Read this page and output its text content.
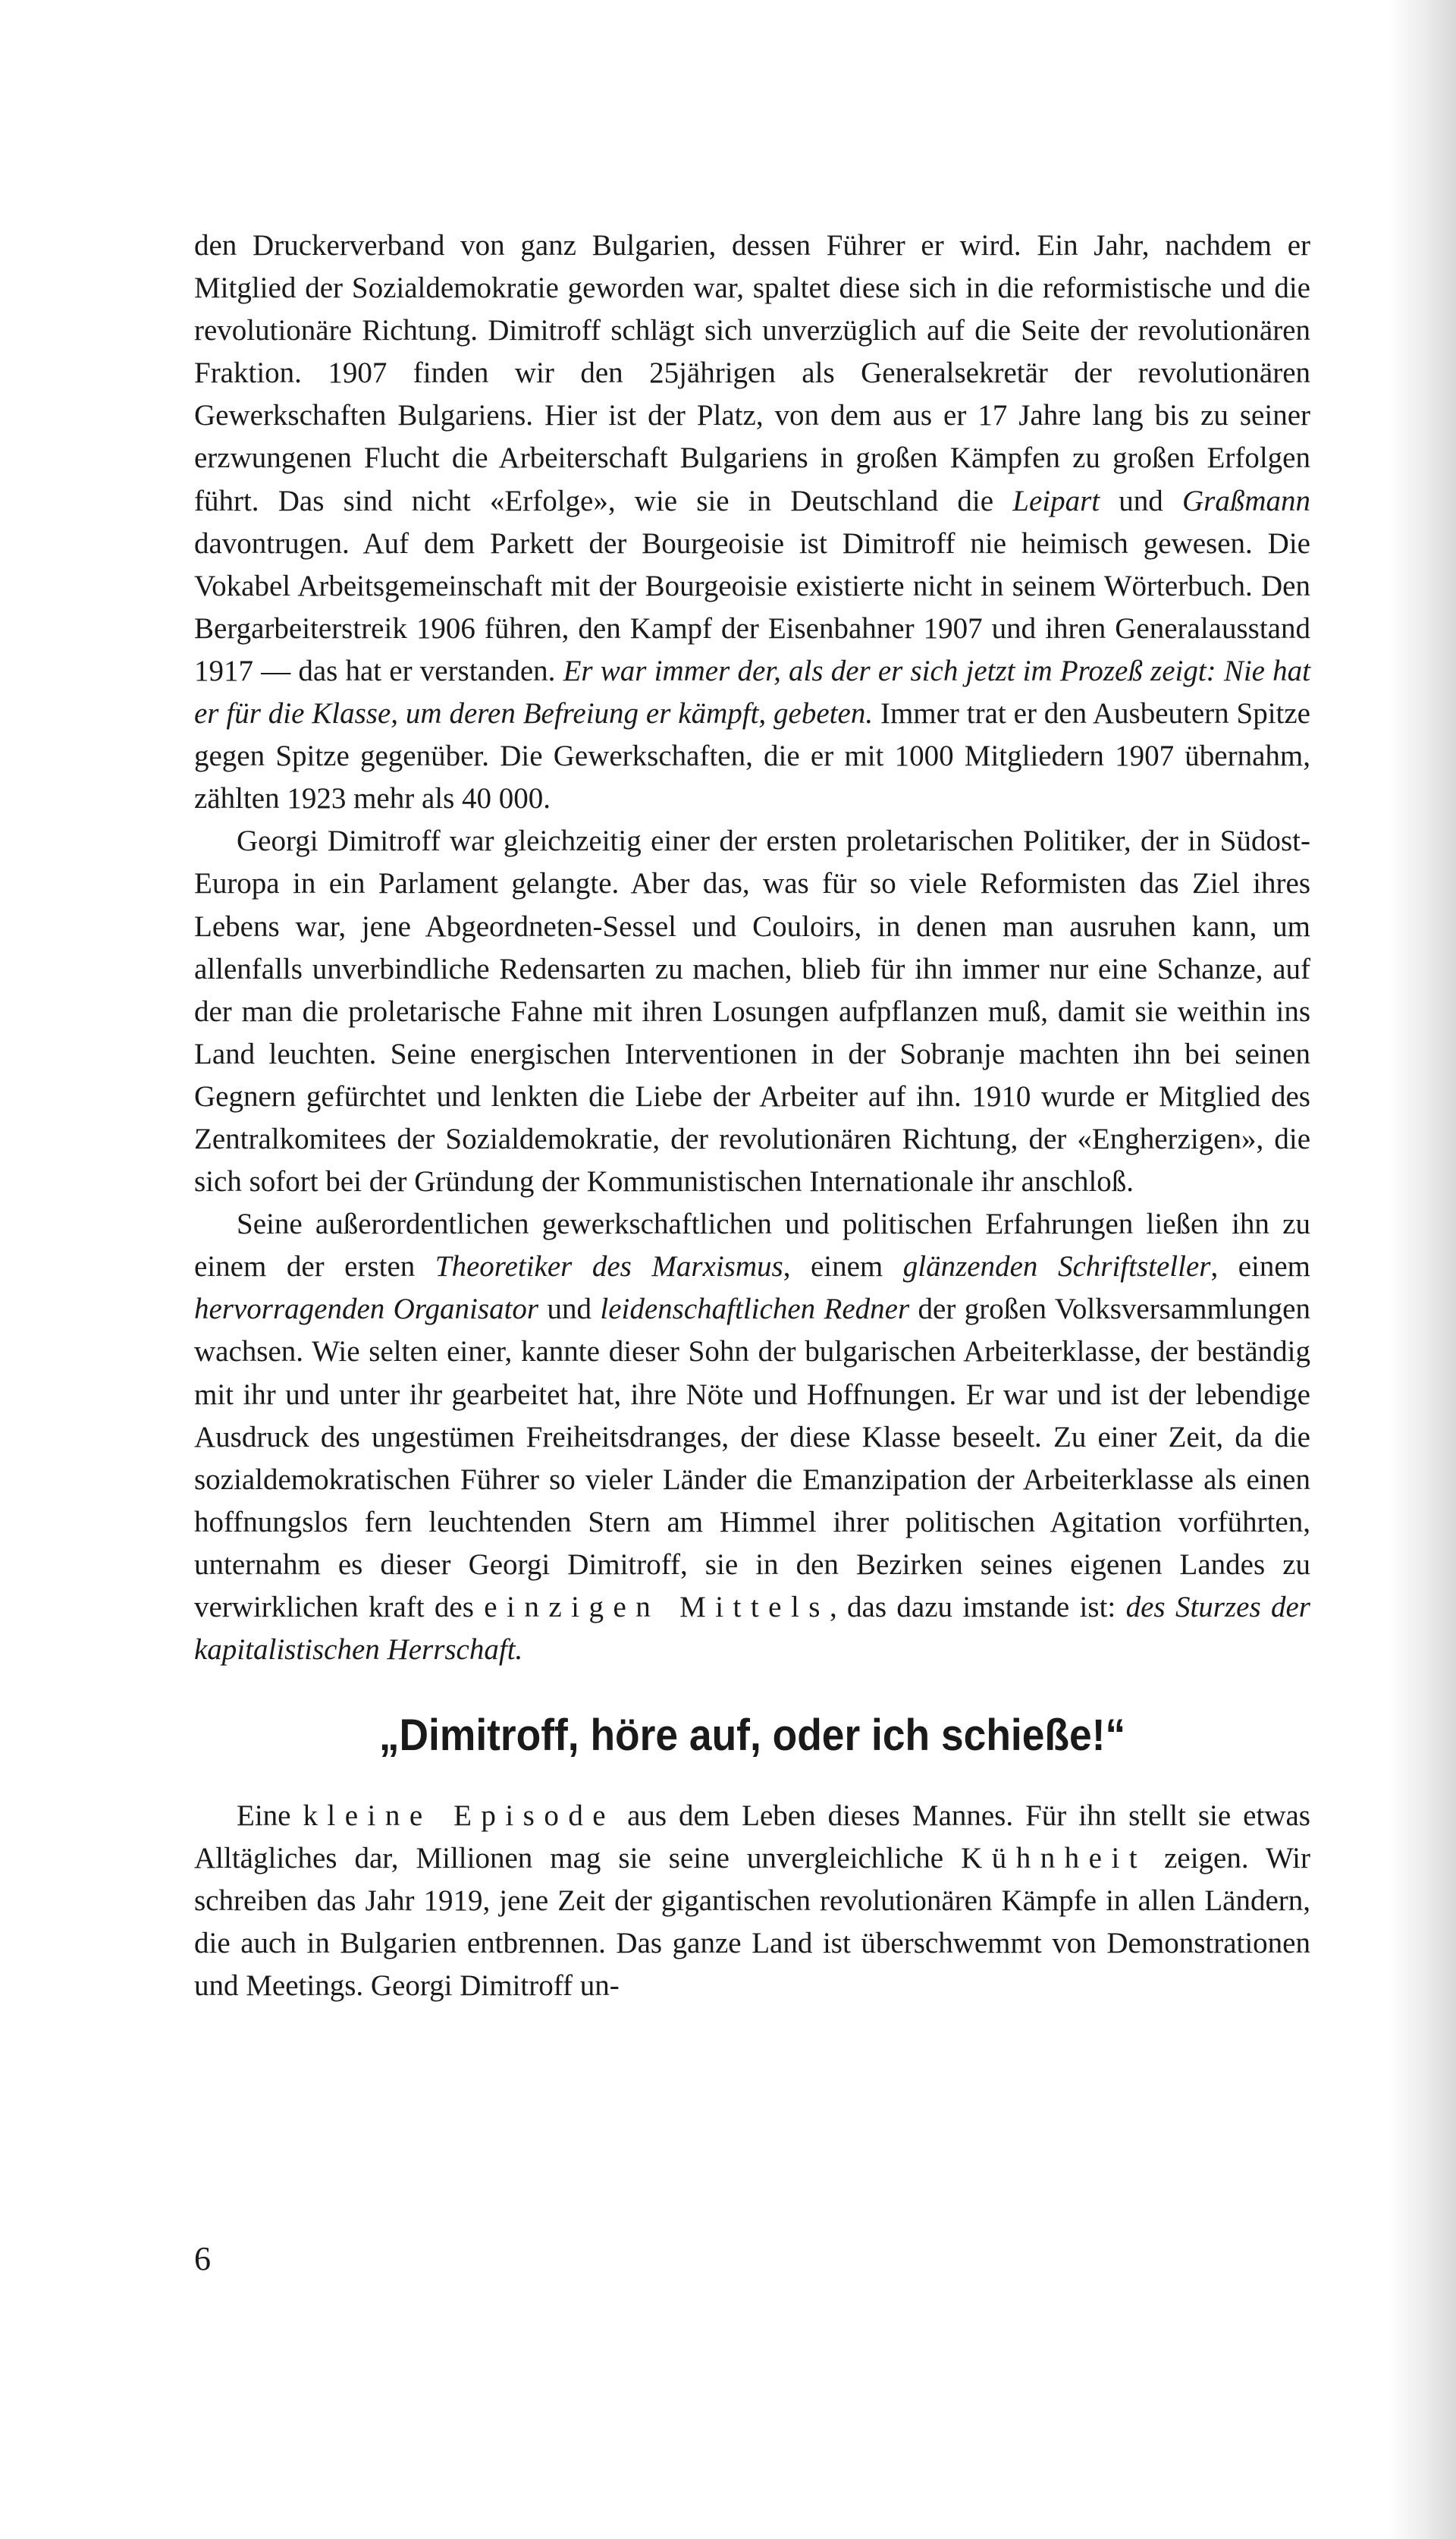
den Druckerverband von ganz Bulgarien, dessen Führer er wird. Ein Jahr, nachdem er Mitglied der Sozialdemokratie geworden war, spaltet diese sich in die reformistische und die revolutionäre Richtung. Dimitroff schlägt sich unverzüglich auf die Seite der revolutionären Fraktion. 1907 finden wir den 25jährigen als Generalsekretär der revolutionären Gewerkschaften Bulgariens. Hier ist der Platz, von dem aus er 17 Jahre lang bis zu seiner erzwungenen Flucht die Arbeiterschaft Bulgariens in großen Kämpfen zu großen Erfolgen führt. Das sind nicht «Erfolge», wie sie in Deutschland die Leipart und Graßmann davontrugen. Auf dem Parkett der Bourgeoisie ist Dimitroff nie heimisch gewesen. Die Vokabel Arbeitsgemeinschaft mit der Bourgeoisie existierte nicht in seinem Wörterbuch. Den Bergarbeiterstreik 1906 führen, den Kampf der Eisenbahner 1907 und ihren Generalausstand 1917 — das hat er verstanden. Er war immer der, als der er sich jetzt im Prozeß zeigt: Nie hat er für die Klasse, um deren Befreiung er kämpft, gebeten. Immer trat er den Ausbeutern Spitze gegen Spitze gegenüber. Die Gewerkschaften, die er mit 1000 Mitgliedern 1907 übernahm, zählten 1923 mehr als 40 000.

Georgi Dimitroff war gleichzeitig einer der ersten proletarischen Politiker, der in Südost-Europa in ein Parlament gelangte. Aber das, was für so viele Reformisten das Ziel ihres Lebens war, jene Abgeordneten-Sessel und Couloirs, in denen man ausruhen kann, um allenfalls unverbindliche Redensarten zu machen, blieb für ihn immer nur eine Schanze, auf der man die proletarische Fahne mit ihren Losungen aufpflanzen muß, damit sie weithin ins Land leuchten. Seine energischen Interventionen in der Sobranje machten ihn bei seinen Gegnern gefürchtet und lenkten die Liebe der Arbeiter auf ihn. 1910 wurde er Mitglied des Zentralkomitees der Sozialdemokratie, der revolutionären Richtung, der «Engherzigen», die sich sofort bei der Gründung der Kommunistischen Internationale ihr anschloß.

Seine außerordentlichen gewerkschaftlichen und politischen Erfahrungen ließen ihn zu einem der ersten Theoretiker des Marxismus, einem glänzenden Schriftsteller, einem hervorragenden Organisator und leidenschaftlichen Redner der großen Volksversammlungen wachsen. Wie selten einer, kannte dieser Sohn der bulgarischen Arbeiterklasse, der beständig mit ihr und unter ihr gearbeitet hat, ihre Nöte und Hoffnungen. Er war und ist der lebendige Ausdruck des ungestümen Freiheitsdranges, der diese Klasse beseelt. Zu einer Zeit, da die sozialdemokratischen Führer so vieler Länder die Emanzipation der Arbeiterklasse als einen hoffnungslos fern leuchtenden Stern am Himmel ihrer politischen Agitation vorführten, unternahm es dieser Georgi Dimitroff, sie in den Bezirken seines eigenen Landes zu verwirklichen kraft des einzigen Mittels, das dazu imstande ist: des Sturzes der kapitalistischen Herrschaft.

„Dimitroff, höre auf, oder ich schieße!“

Eine kleine Episode aus dem Leben dieses Mannes. Für ihn stellt sie etwas Alltägliches dar, Millionen mag sie seine unvergleichliche Kühnheit zeigen. Wir schreiben das Jahr 1919, jene Zeit der gigantischen revolutionären Kämpfe in allen Ländern, die auch in Bulgarien entbrennen. Das ganze Land ist überschwemmt von Demonstrationen und Meetings. Georgi Dimitroff un-

6
